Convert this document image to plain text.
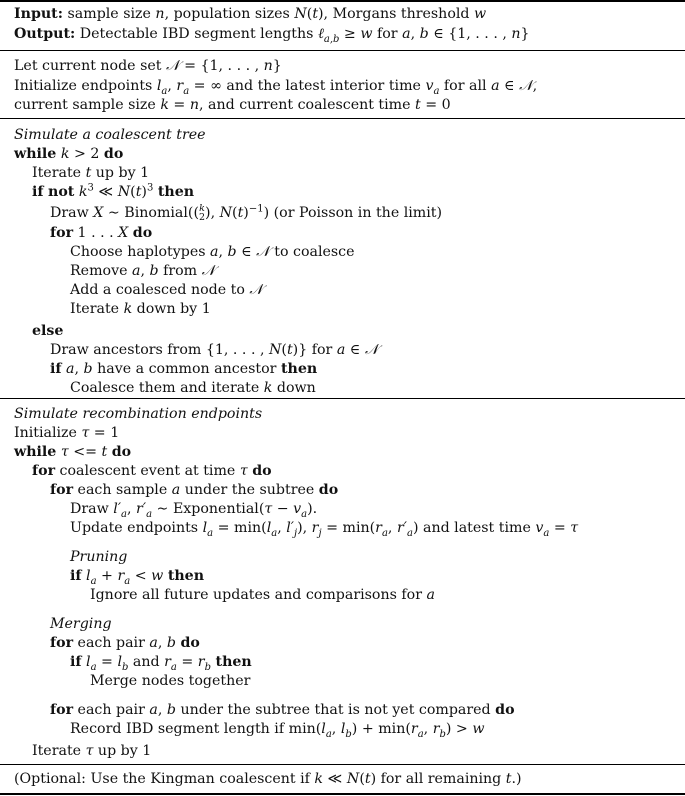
Input: sample size n, population sizes N(t), Morgans threshold w
Output: Detectable IBD segment lengths ℓ$_{a,b}$ ≥ w for a, b ∈ {1, . . . , n}
Let current node set 𝒩 = {1, . . . , n}
Initialize endpoints $l_a$, $r_a$ = ∞ and the latest interior time $v_a$ for all a ∈ 𝒩,
current sample size k = n, and current coalescent time t = 0
Simulate a coalescent tree
while k > 2 do
Iterate t up by 1
if not $k^3$ ≪ $N(t)^3$ then
Draw X ∼ Binomial(( k
2 ), $N(t)^{-1}$) (or Poisson in the limit)
for 1 . . . X do
Choose haplotypes a, b ∈ 𝒩 to coalesce
Remove a, b from 𝒩
Add a coalesced node to 𝒩
Iterate k down by 1
else
Draw ancestors from {1, . . . , N(t)} for a ∈ 𝒩
if a, b have a common ancestor then
Coalesce them and iterate k down
Simulate recombination endpoints
Initialize τ = 1
while τ <= t do
for coalescent event at time τ do
for each sample a under the subtree do
Draw $l'_a$, $r'_a$ ∼ Exponential(τ − $v_a$).
Update endpoints $l_a = \min(l_a$, $l'_j$), $r_j = \min(r_a$, $r'_a$) and latest time $v_a = \tau$
Pruning
if $l_a + r_a < w$ then
Ignore all future updates and comparisons for a
Merging
for each pair a, b do
if $l_a = l_b$ and $r_a = r_b$ then
Merge nodes together
for each pair a, b under the subtree that is not yet compared do
Record IBD segment length if $\min(l_a$, $l_b) + \min(r_a$, $r_b) > w$
Iterate τ up by 1
(Optional: Use the Kingman coalescent if k ≪ N(t) for all remaining t.)
